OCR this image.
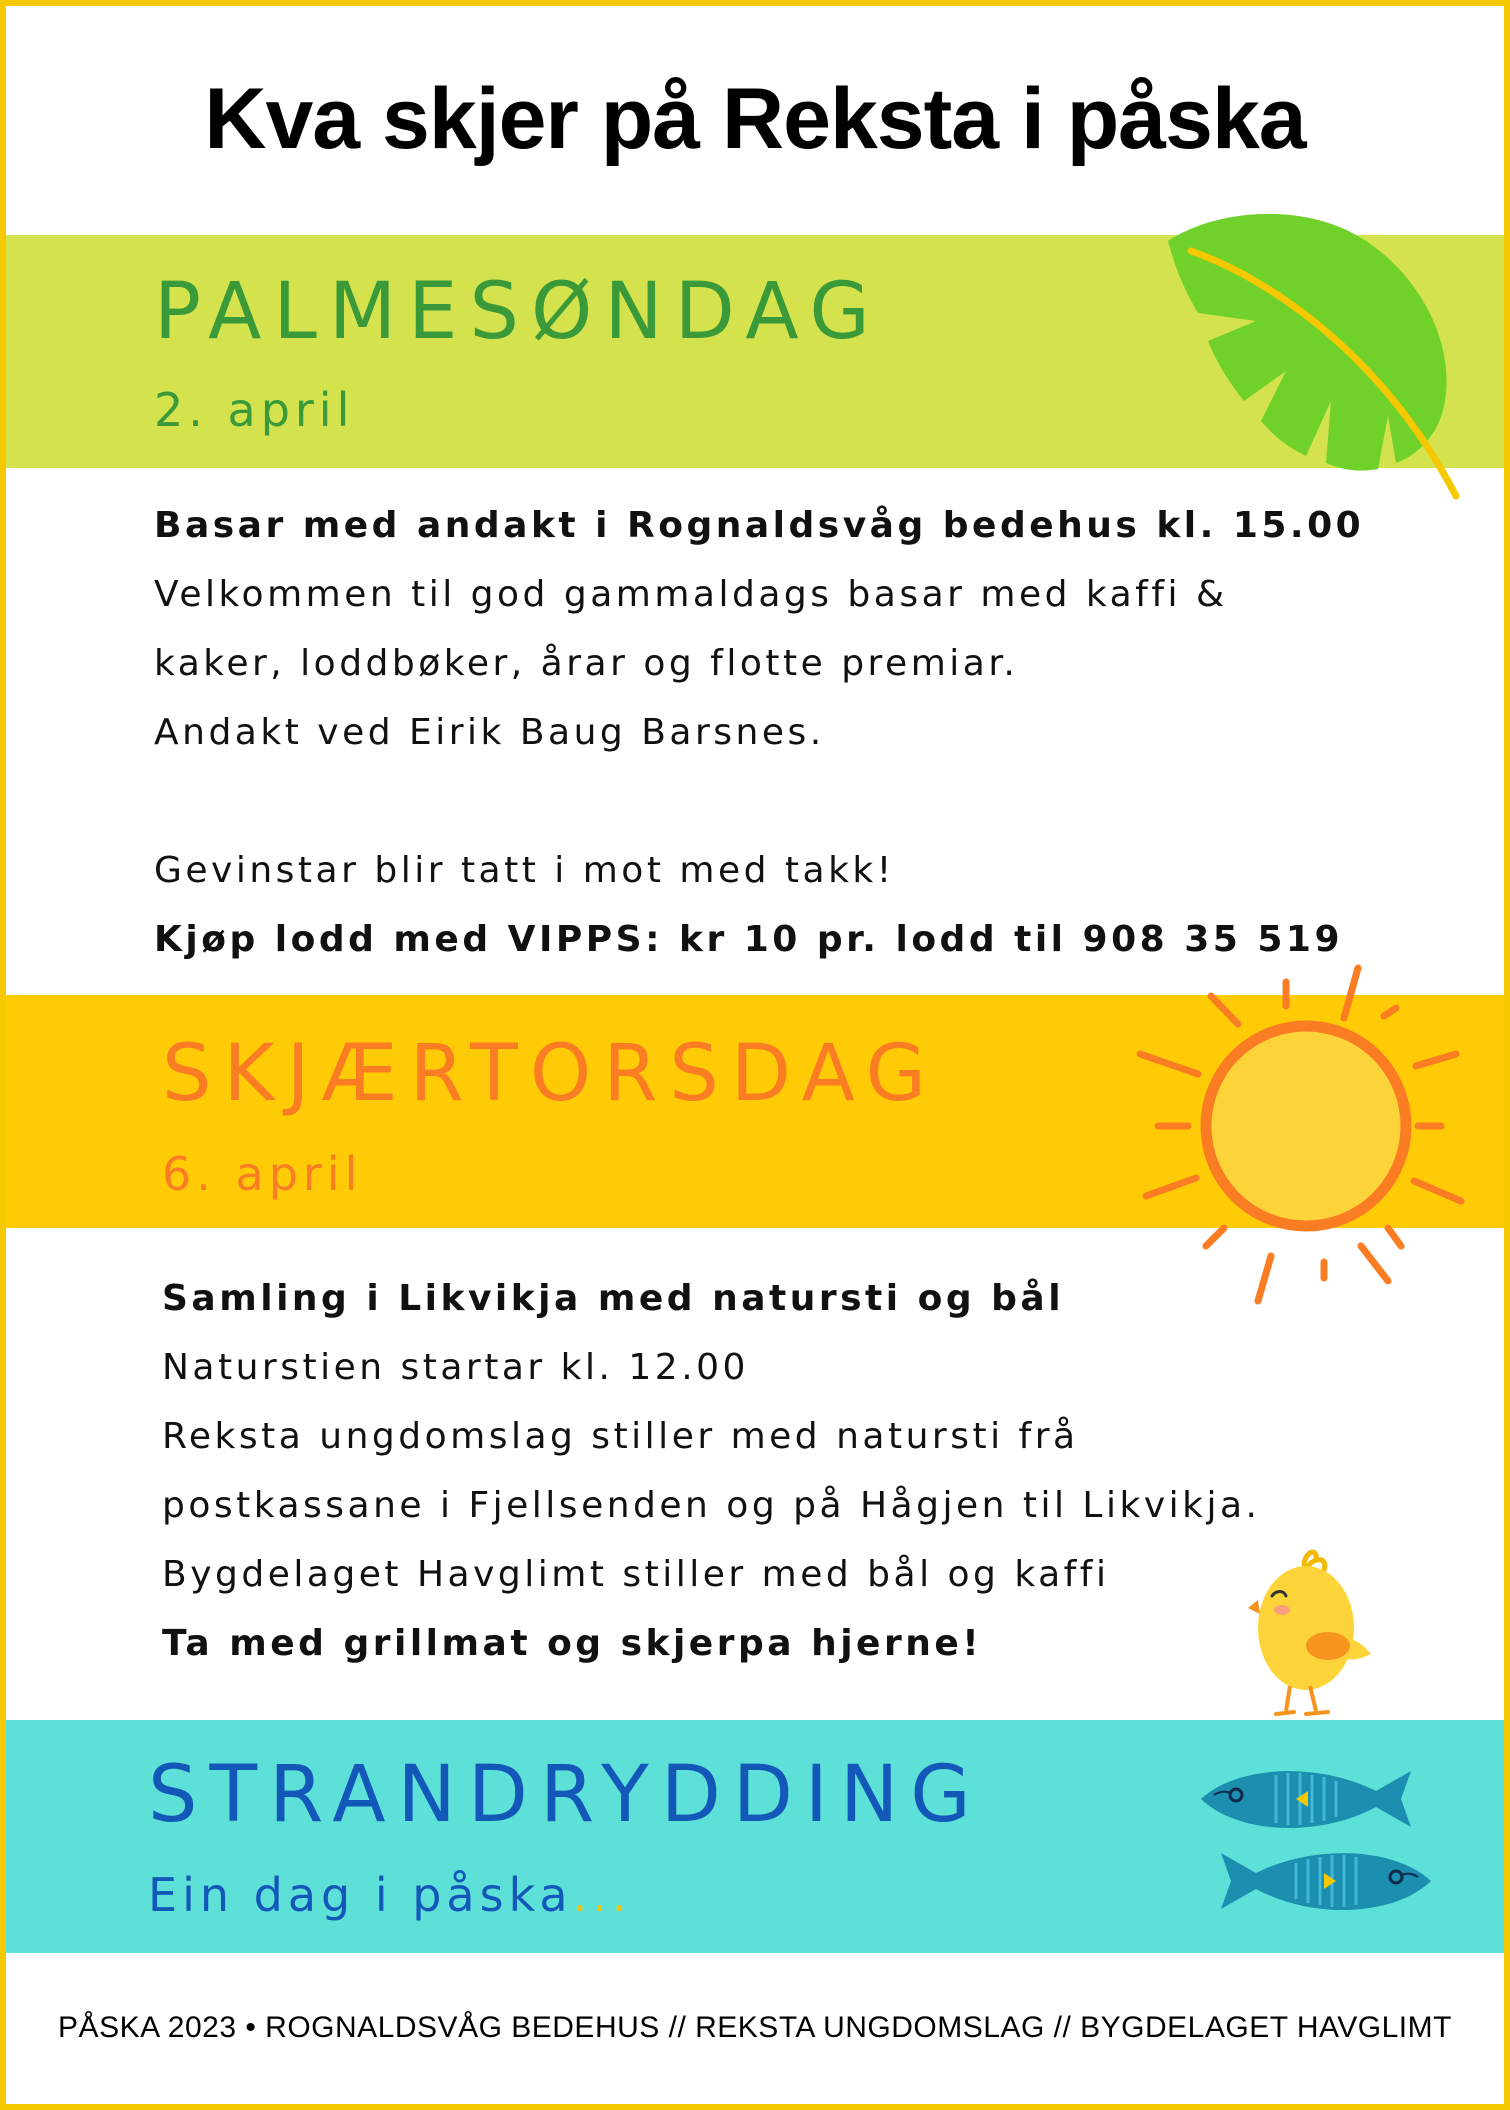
Kva skjer på Reksta i påska
PALMESØNDAG
2. april
Basar med andakt i Rognaldsvåg bedehus kl. 15.00
Velkommen til god gammaldags basar med kaffi &
kaker, loddbøker, årar og flotte premiar.
Andakt ved Eirik Baug Barsnes.
Gevinstar blir tatt i mot med takk!
Kjøp lodd med VIPPS: kr 10 pr. lodd til 908 35 519
SKJÆRTORSDAG
6. april
Samling i Likvikja med natursti og bål
Naturstien startar kl. 12.00
Reksta ungdomslag stiller med natursti frå
postkassane i Fjellsenden og på Hågjen til Likvikja.
Bygdelaget Havglimt stiller med bål og kaffi
Ta med grillmat og skjerpa hjerne!
STRANDRYDDING
Ein dag i påska...
PÅSKA 2023 • ROGNALDSVÅG BEDEHUS // REKSTA UNGDOMSLAG // BYGDELAGET HAVGLIMT
